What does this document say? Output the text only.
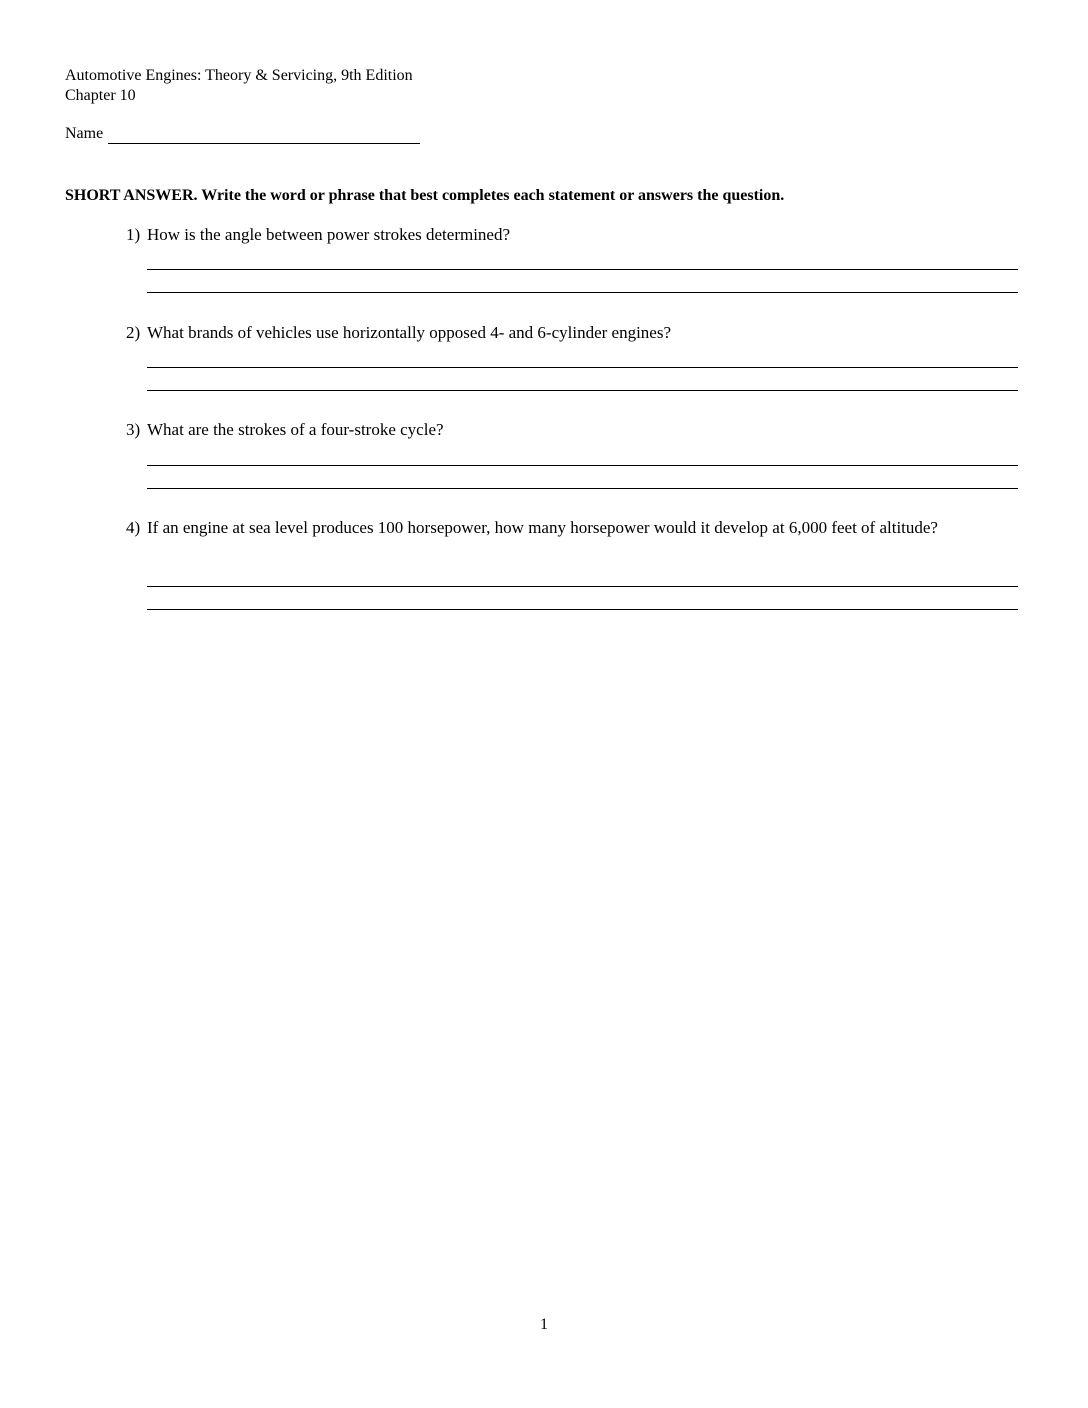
Automotive Engines: Theory & Servicing, 9th Edition
Chapter 10
Name
SHORT ANSWER. Write the word or phrase that best completes each statement or answers the question.
1) How is the angle between power strokes determined?
2) What brands of vehicles use horizontally opposed 4- and 6-cylinder engines?
3) What are the strokes of a four-stroke cycle?
4) If an engine at sea level produces 100 horsepower, how many horsepower would it develop at 6,000 feet of altitude?
1
